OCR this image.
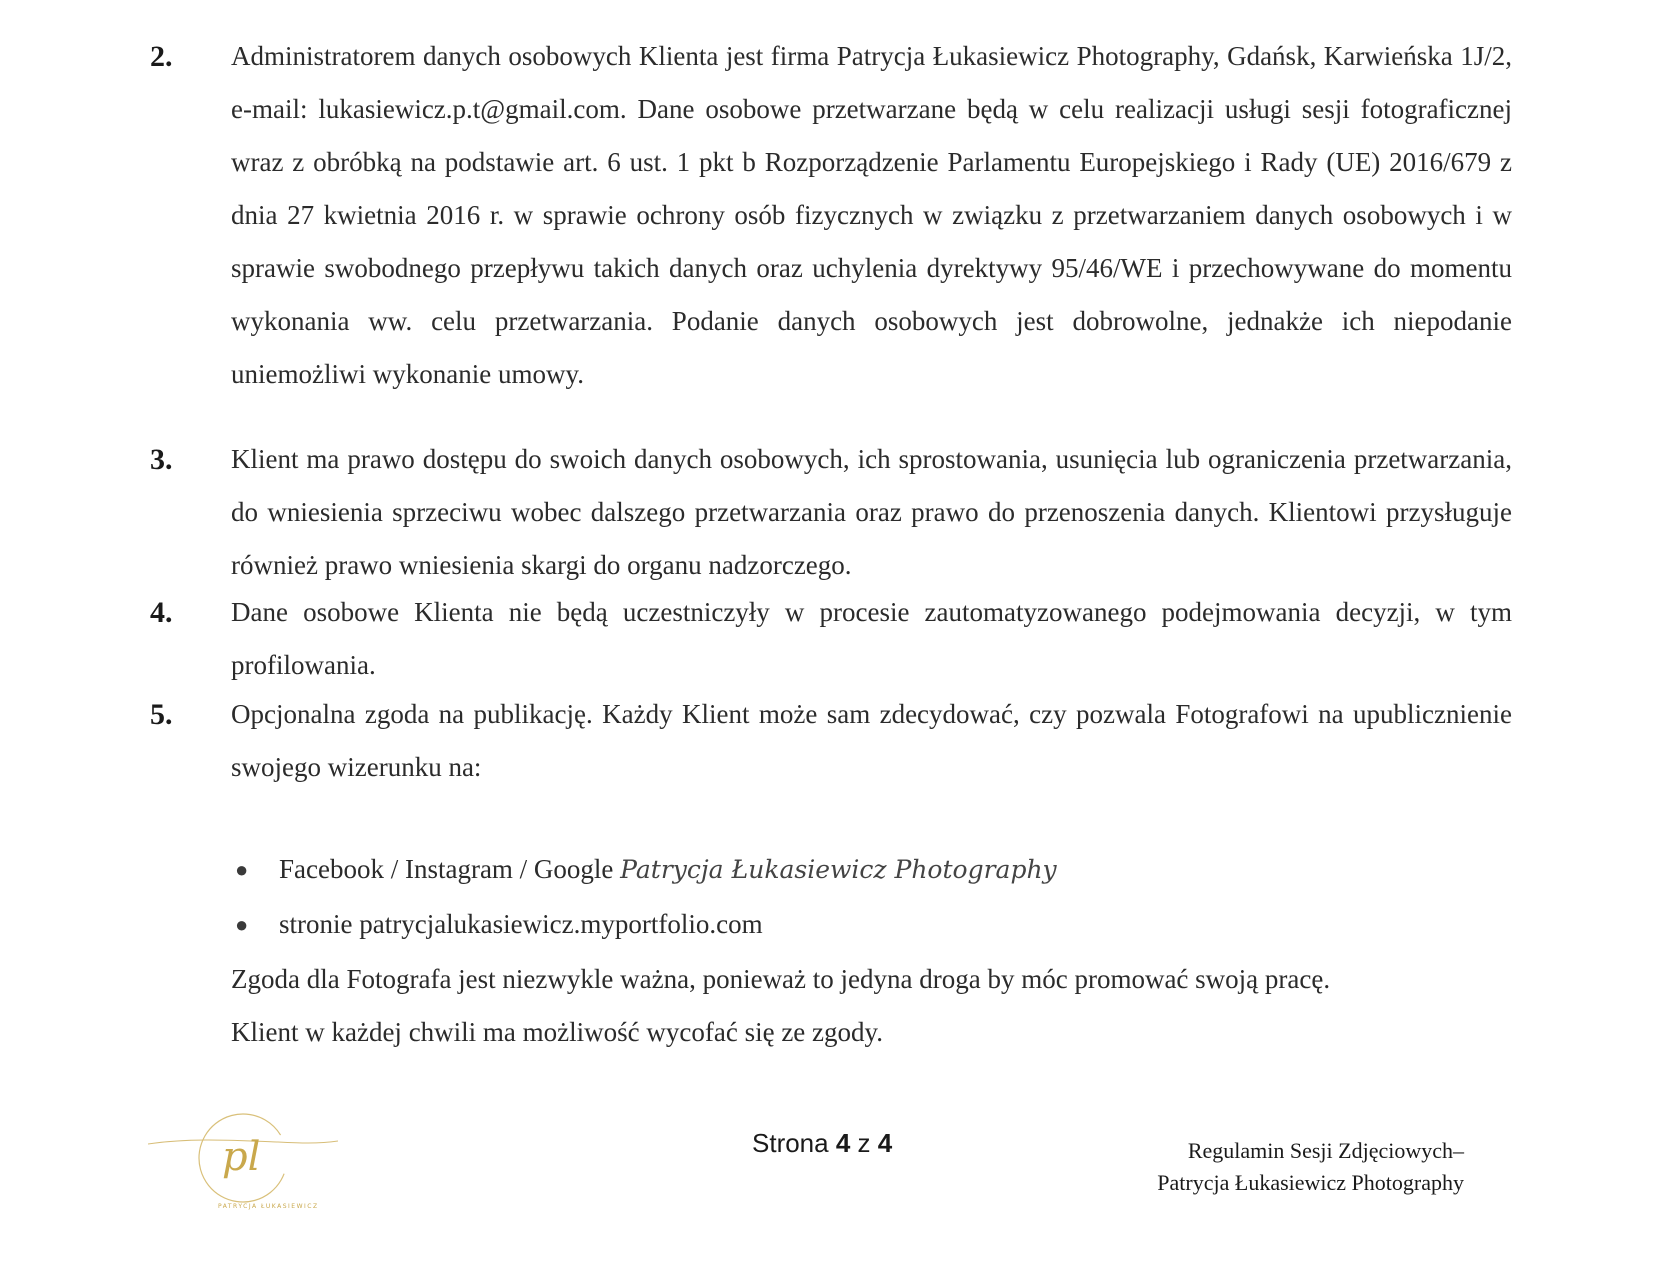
2. Administratorem danych osobowych Klienta jest firma Patrycja Łukasiewicz Photography, Gdańsk, Karwieńska 1J/2, e-mail: lukasiewicz.p.t@gmail.com. Dane osobowe przetwarzane będą w celu realizacji usługi sesji fotograficznej wraz z obróbką na podstawie art. 6 ust. 1 pkt b Rozporządzenie Parlamentu Europejskiego i Rady (UE) 2016/679 z dnia 27 kwietnia 2016 r. w sprawie ochrony osób fizycznych w związku z przetwarzaniem danych osobowych i w sprawie swobodnego przepływu takich danych oraz uchylenia dyrektywy 95/46/WE i przechowywane do momentu wykonania ww. celu przetwarzania. Podanie danych osobowych jest dobrowolne, jednakże ich niepodanie uniemożliwi wykonanie umowy.
3. Klient ma prawo dostępu do swoich danych osobowych, ich sprostowania, usunięcia lub ograniczenia przetwarzania, do wniesienia sprzeciwu wobec dalszego przetwarzania oraz prawo do przenoszenia danych. Klientowi przysługuje również prawo wniesienia skargi do organu nadzorczego.
4. Dane osobowe Klienta nie będą uczestniczyły w procesie zautomatyzowanego podejmowania decyzji, w tym profilowania.
5. Opcjonalna zgoda na publikację. Każdy Klient może sam zdecydować, czy pozwala Fotografowi na upublicznienie swojego wizerunku na:
● Facebook / Instagram / Google Patrycja Łukasiewicz Photography
● stronie patrycjalukasiewicz.myportfolio.com

Zgoda dla Fotografa jest niezwykle ważna, ponieważ to jedyna droga by móc promować swoją pracę.

Klient w każdej chwili ma możliwość wycofać się ze zgody.

pl
PATRYCJA ŁUKASIEWICZ
Strona 4 z 4	Regulamin Sesji Zdjęciowych–
Patrycja Łukasiewicz Photography
